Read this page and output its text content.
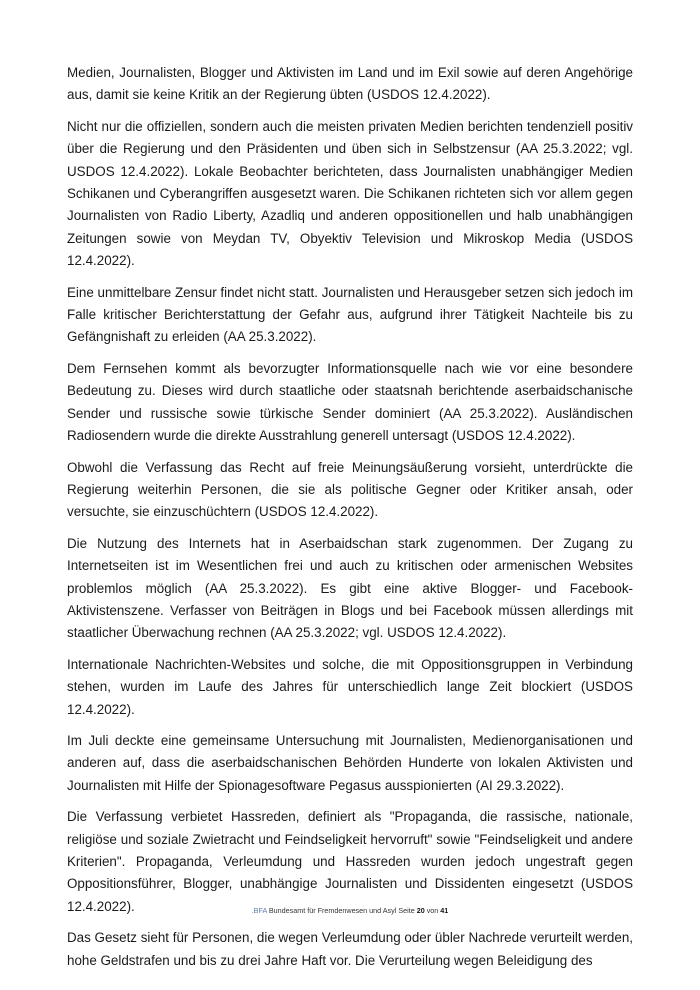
Medien, Journalisten, Blogger und Aktivisten im Land und im Exil sowie auf deren Angehörige aus, damit sie keine Kritik an der Regierung übten (USDOS 12.4.2022).

Nicht nur die offiziellen, sondern auch die meisten privaten Medien berichten tendenziell positiv über die Regierung und den Präsidenten und üben sich in Selbstzensur (AA 25.3.2022; vgl. USDOS 12.4.2022). Lokale Beobachter berichteten, dass Journalisten unabhängiger Medien Schikanen und Cyberangriffen ausgesetzt waren. Die Schikanen richteten sich vor allem gegen Journalisten von Radio Liberty, Azadliq und anderen oppositionellen und halb unabhängigen Zeitungen sowie von Meydan TV, Obyektiv Television und Mikroskop Media (USDOS 12.4.2022).

Eine unmittelbare Zensur findet nicht statt. Journalisten und Herausgeber setzen sich jedoch im Falle kritischer Berichterstattung der Gefahr aus, aufgrund ihrer Tätigkeit Nachteile bis zu Gefängnishaft zu erleiden (AA 25.3.2022).

Dem Fernsehen kommt als bevorzugter Informationsquelle nach wie vor eine besondere Bedeutung zu. Dieses wird durch staatliche oder staatsnah berichtende aserbaidschanische Sender und russische sowie türkische Sender dominiert (AA 25.3.2022). Ausländischen Radiosendern wurde die direkte Ausstrahlung generell untersagt (USDOS 12.4.2022).

Obwohl die Verfassung das Recht auf freie Meinungsäußerung vorsieht, unterdrückte die Regierung weiterhin Personen, die sie als politische Gegner oder Kritiker ansah, oder versuchte, sie einzuschüchtern (USDOS 12.4.2022).

Die Nutzung des Internets hat in Aserbaidschan stark zugenommen. Der Zugang zu Internetseiten ist im Wesentlichen frei und auch zu kritischen oder armenischen Websites problemlos möglich (AA 25.3.2022). Es gibt eine aktive Blogger- und Facebook-Aktivistenszene. Verfasser von Beiträgen in Blogs und bei Facebook müssen allerdings mit staatlicher Überwachung rechnen (AA 25.3.2022; vgl. USDOS 12.4.2022).

Internationale Nachrichten-Websites und solche, die mit Oppositionsgruppen in Verbindung stehen, wurden im Laufe des Jahres für unterschiedlich lange Zeit blockiert (USDOS 12.4.2022).

Im Juli deckte eine gemeinsame Untersuchung mit Journalisten, Medienorganisationen und anderen auf, dass die aserbaidschanischen Behörden Hunderte von lokalen Aktivisten und Journalisten mit Hilfe der Spionagesoftware Pegasus ausspionierten (AI 29.3.2022).

Die Verfassung verbietet Hassreden, definiert als "Propaganda, die rassische, nationale, religiöse und soziale Zwietracht und Feindseligkeit hervorruft" sowie "Feindseligkeit und andere Kriterien". Propaganda, Verleumdung und Hassreden wurden jedoch ungestraft gegen Oppositionsführer, Blogger, unabhängige Journalisten und Dissidenten eingesetzt (USDOS 12.4.2022).

Das Gesetz sieht für Personen, die wegen Verleumdung oder übler Nachrede verurteilt werden, hohe Geldstrafen und bis zu drei Jahre Haft vor. Die Verurteilung wegen Beleidigung des

.BFA Bundesamt für Fremdenwesen und Asyl Seite 20 von 41
